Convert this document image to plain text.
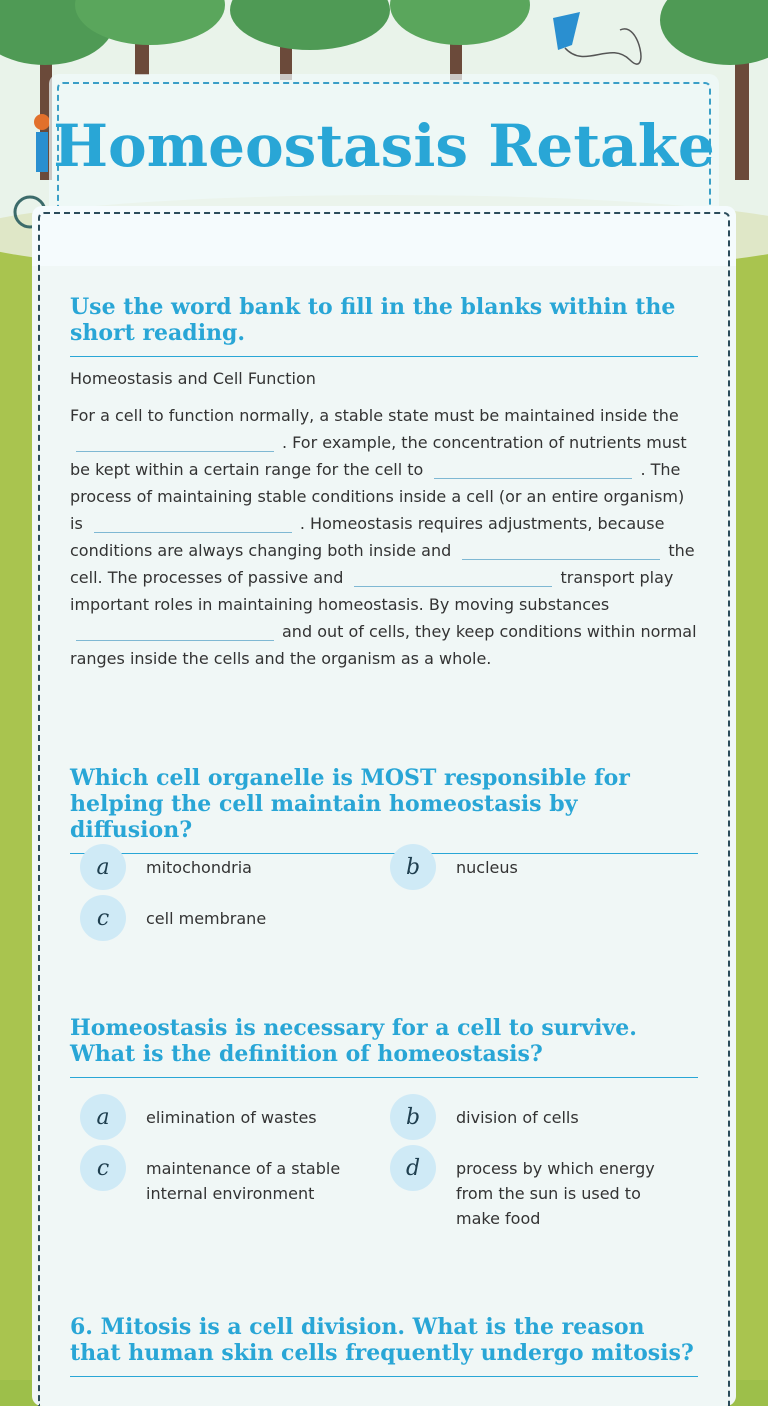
Homeostasis Retake
Use the word bank to fill in the blanks within the short reading.
Homeostasis and Cell Function
For a cell to function normally, a stable state must be maintained inside the . For example, the concentration of nutrients must be kept within a certain range for the cell to	. The process of maintaining stable conditions inside a cell (or an entire organism) is	. Homeostasis requires adjustments, because conditions are always changing both inside and	the cell. The processes of passive and	transport play important roles in maintaining homeostasis. By moving substances and out of cells, they keep conditions within normal ranges inside the cells and the organism as a whole.
Which cell organelle is MOST responsible for helping the cell maintain homeostasis by diffusion?
a	mitochondria	b	nucleus
c	cell membrane
Homeostasis is necessary for a cell to survive. What is the definition of homeostasis?
a	elimination of wastes	b	division of cells
c	maintenance of a stable internal environment
d	process by which energy from the sun is used to make food
6. Mitosis is a cell division. What is the reason that human skin cells frequently undergo mitosis?
